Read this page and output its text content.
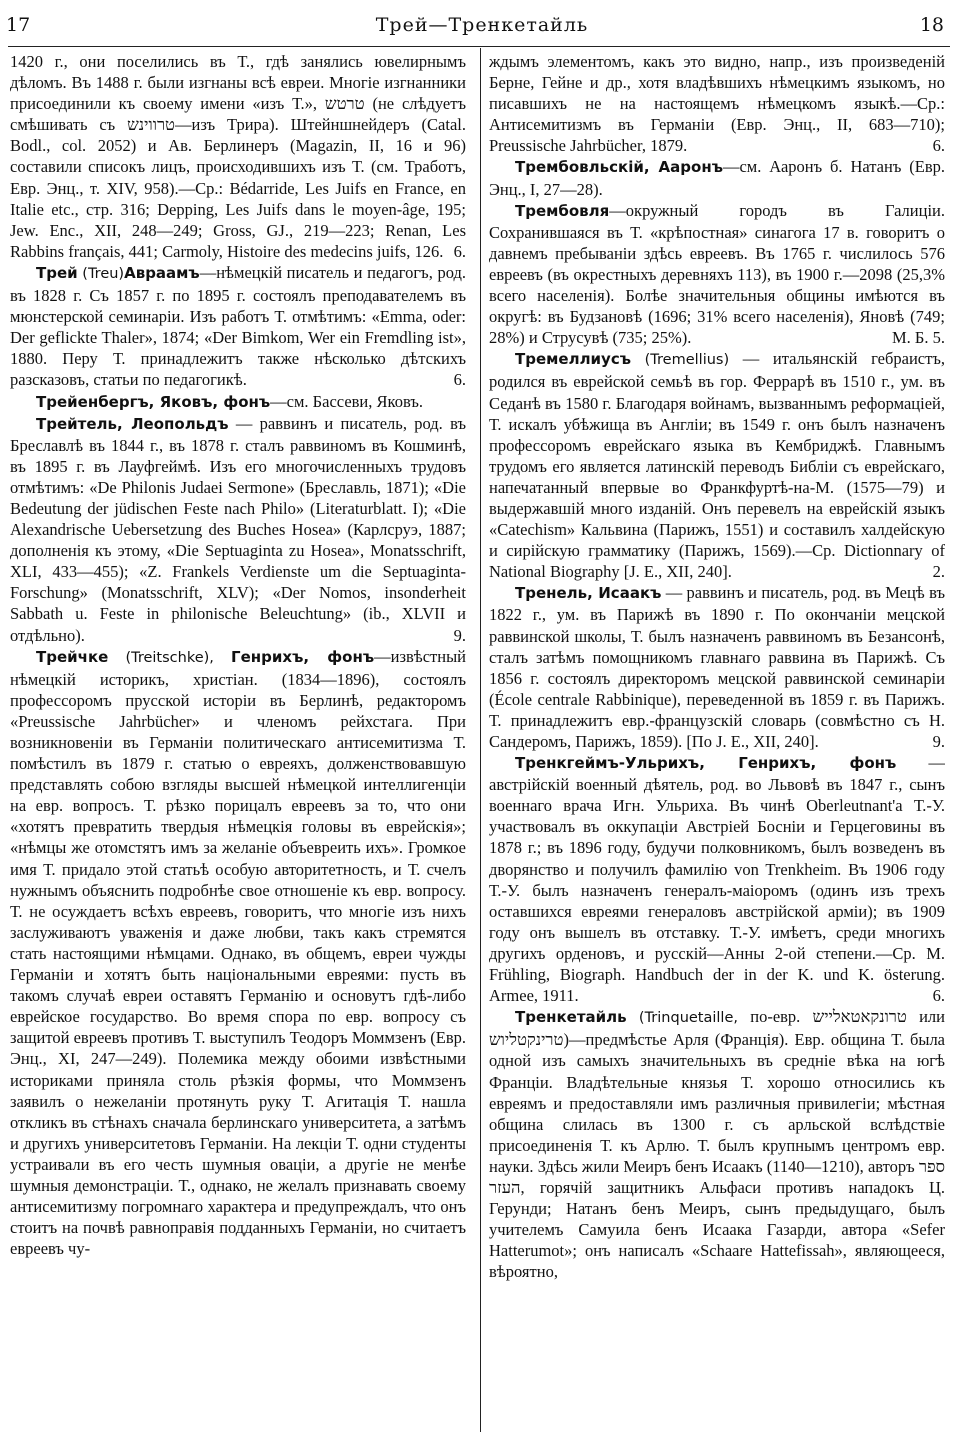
17	Трей—Тренкетайль	18

1420 г., они поселились въ Т., гдѣ занялись ювелирнымъ дѣломъ. Въ 1488 г. были изгнаны всѣ евреи. Многіе изгнанники присоединили къ своему имени «изъ Т.», טרטש (не слѣдуетъ смѣшивать съ טרווינש—изъ Трира). Штейншнейдеръ (Catal. Bodl., col. 2052) и Ав. Берлинеръ (Magazin, II, 16 и 96) составили списокъ лицъ, происходившихъ изъ Т. (см. Тработъ, Евр. Энц., т. XIV, 958).—Ср.: Bédarride, Les Juifs en France, en Italie etc., стр. 316; Depping, Les Juifs dans le moyen-âge, 195; Jew. Enc., XII, 248—249; Gross, GJ., 219—223; Renan, Les Rabbins français, 441; Carmoly, Histoire des medecins juifs, 126. 6.

Трей (Treu)Авраамъ—нѣмецкій писатель и педагогъ, род. въ 1828 г. Съ 1857 г. по 1895 г. состоялъ преподавателемъ въ мюнстерской семинаріи. Изъ работъ Т. отмѣтимъ: «Emma, oder: Der geflickte Thaler», 1874; «Der Bimkom, Wer ein Fremdling ist», 1880. Перу Т. принадлежитъ также нѣсколько дѣтскихъ разсказовъ, статьи по педагогикѣ.	6.

Трейенбергъ, Яковъ, фонъ—см. Бассеви, Яковъ.

Трейтель, Леопольдъ — раввинъ и писатель, род. въ Бреславлѣ въ 1844 г., въ 1878 г. сталъ раввиномъ въ Кошминѣ, въ 1895 г. въ Лауфгеймѣ. Изъ его многочисленныхъ трудовъ отмѣтимъ: «De Philonis Judaei Sermone» (Бреславль, 1871); «Die Bedeutung der jüdischen Feste nach Philo» (Literaturblatt. I); «Die Alexandrische Uebersetzung des Buches Hosea» (Карлсруэ, 1887; дополненія къ этому, «Die Septuaginta zu Hosea», Monatsschrift, XLI, 433—455); «Z. Frankels Verdienste um die Septuaginta-Forschung» (Monatsschrift, XLV); «Der Nomos, insonderheit Sabbath u. Feste in philonische Beleuchtung» (ib., XLVII и отдѣльно).	9.

Трейчке (Treitschke), Генрихъ, фонъ—извѣстный нѣмецкій историкъ, христіан. (1834—1896), состоялъ профессоромъ прусской исторіи въ Берлинѣ, редакторомъ «Preussische Jahrbücher» и членомъ рейхстага. При возникновеніи въ Германіи политическаго антисемитизма Т. помѣстилъ въ 1879 г. статью о евреяхъ, долженствовавшую представлять собою взгляды высшей нѣмецкой интеллигенціи на евр. вопросъ. Т. рѣзко порицалъ евреевъ за то, что они «хотятъ превратить твердыя нѣмецкія головы въ еврейскія»; «нѣмцы же отомстятъ имъ за желаніе объевреить ихъ». Громкое имя Т. придало этой статьѣ особую авторитетность, и Т. счелъ нужнымъ объяснить подробнѣе свое отношеніе къ евр. вопросу. Т. не осуждаетъ всѣхъ евреевъ, говоритъ, что многіе изъ нихъ заслуживаютъ уваженія и даже любви, такъ какъ стремятся стать настоящими нѣмцами. Однако, въ общемъ, евреи чужды Германіи и хотятъ быть національными евреями: пусть въ такомъ случаѣ евреи оставятъ Германію и основутъ гдѣ-либо еврейское государство. Во время спора по евр. вопросу съ защитой евреевъ противъ Т. выступилъ Теодоръ Моммзенъ (Евр. Энц., XI, 247—249). Полемика между обоими извѣстными историками приняла столь рѣзкія формы, что Моммзенъ заявилъ о нежеланіи протянуть руку Т. Агитація Т. нашла откликъ въ стѣнахъ сначала берлинскаго университета, а затѣмъ и другихъ университетовъ Германіи. На лекціи Т. одни студенты устраивали въ его честь шумныя оваціи, а другіе не менѣе шумныя демонстраціи. Т., однако, не желалъ признавать своему антисемитизму погромнаго характера и предупреждалъ, что онъ стоитъ на почвѣ равноправія подданныхъ Германіи, но считаетъ евреевъ чу-

ждымъ элементомъ, какъ это видно, напр., изъ произведеній Берне, Гейне и др., хотя владѣвшихъ нѣмецкимъ языкомъ, но писавшихъ не на настоящемъ нѣмецкомъ языкѣ.—Ср.: Антисемитизмъ въ Германіи (Евр. Энц., II, 683—710); Preussische Jahrbücher, 1879.	6.

Трембовльскій, Ааронъ—см. Ааронъ б. Натанъ (Евр. Энц., I, 27—28).

Трембовля—окружный городъ въ Галиціи. Сохранившаяся въ Т. «крѣпостная» синагога 17 в. говоритъ о давнемъ пребываніи здѣсь евреевъ. Въ 1765 г. числилось 576 евреевъ (въ окрестныхъ деревняхъ 113), въ 1900 г.—2098 (25,3% всего населенія). Болѣе значительныя общины имѣются въ округѣ: въ Будзановѣ (1696; 31% всего населенія), Яновѣ (749; 28%) и Струсувѣ (735; 25%).	М. Б. 5.

Тремеллиусъ (Tremellius) — итальянскій гебраистъ, родился въ еврейской семьѣ въ гор. Феррарѣ въ 1510 г., ум. въ Седанѣ въ 1580 г. Благодаря войнамъ, вызваннымъ реформаціей, Т. искалъ убѣжища въ Англіи; въ 1549 г. онъ былъ назначенъ профессоромъ еврейскаго языка въ Кембриджѣ. Главнымъ трудомъ его является латинскій переводъ Библіи съ еврейскаго, напечатанный впервые во Франкфуртѣ-на-М. (1575—79) и выдержавшій много изданій. Онъ перевелъ на еврейскій языкъ «Catechism» Кальвина (Парижъ, 1551) и составилъ халдейскую и сирійскую грамматику (Парижъ, 1569).—Ср. Dictionnary of National Biography [J. E., XII, 240].	2.

Тренель, Исаакъ — раввинъ и писатель, род. въ Мецѣ въ 1822 г., ум. въ Парижѣ въ 1890 г. По окончаніи мецской раввинской школы, Т. былъ назначенъ раввиномъ въ Безансонѣ, сталъ затѣмъ помощникомъ главнаго раввина въ Парижѣ. Съ 1856 г. состоялъ директоромъ мецской раввинской семинаріи (École centrale Rabbinique), переведенной въ 1859 г. въ Парижъ. Т. принадлежитъ евр.-французскій словарь (совмѣстно съ Н. Сандеромъ, Парижъ, 1859). [По J. E., XII, 240].	9.

Тренкгеймъ-Ульрихъ, Генрихъ, фонъ — австрійскій военный дѣятель, род. во Львовѣ въ 1847 г., сынъ военнаго врача Игн. Ульриха. Въ чинѣ Oberleutnant'а Т.-У. участвовалъ въ оккупаціи Австріей Босніи и Герцеговины въ 1878 г.; въ 1896 году, будучи полковникомъ, былъ возведенъ въ дворянство и получилъ фамилію von Trenkheim. Въ 1906 году Т.-У. былъ назначенъ генералъ-маіоромъ (одинъ изъ трехъ оставшихся евреями генераловъ австрійской арміи); въ 1909 году онъ вышелъ въ отставку. Т.-У. имѣетъ, среди многихъ другихъ орденовъ, и русскій—Анны 2-ой степени.—Ср. M. Frühling, Biograph. Handbuch der in der K. und K. österung. Armee, 1911.	6.

Тренкетайль (Trinquetaille, по-евр. טרונקאטאלייש или טרינקטליוש)—предмѣстье Арля (Франція). Евр. община Т. была одной изъ самыхъ значительныхъ въ средніе вѣка на югѣ Франціи. Владѣтельные князья Т. хорошо относились къ евреямъ и предоставляли имъ различныя привилегіи; мѣстная община слилась въ 1300 г. съ арльской вслѣдствіе присоединенія Т. къ Арлю. Т. былъ крупнымъ центромъ евр. науки. Здѣсь жили Меиръ бенъ Исаакъ (1140—1210), авторъ ספר העזר, горячій защитникъ Альфаси противъ нападокъ Ц. Герунди; Натанъ бенъ Меиръ, сынъ предыдущаго, былъ учителемъ Самуила бенъ Исаака Газарди, автора «Sefer Hatterumot»; онъ написалъ «Schaare Hattefissah», являющееся, вѣроятно,
